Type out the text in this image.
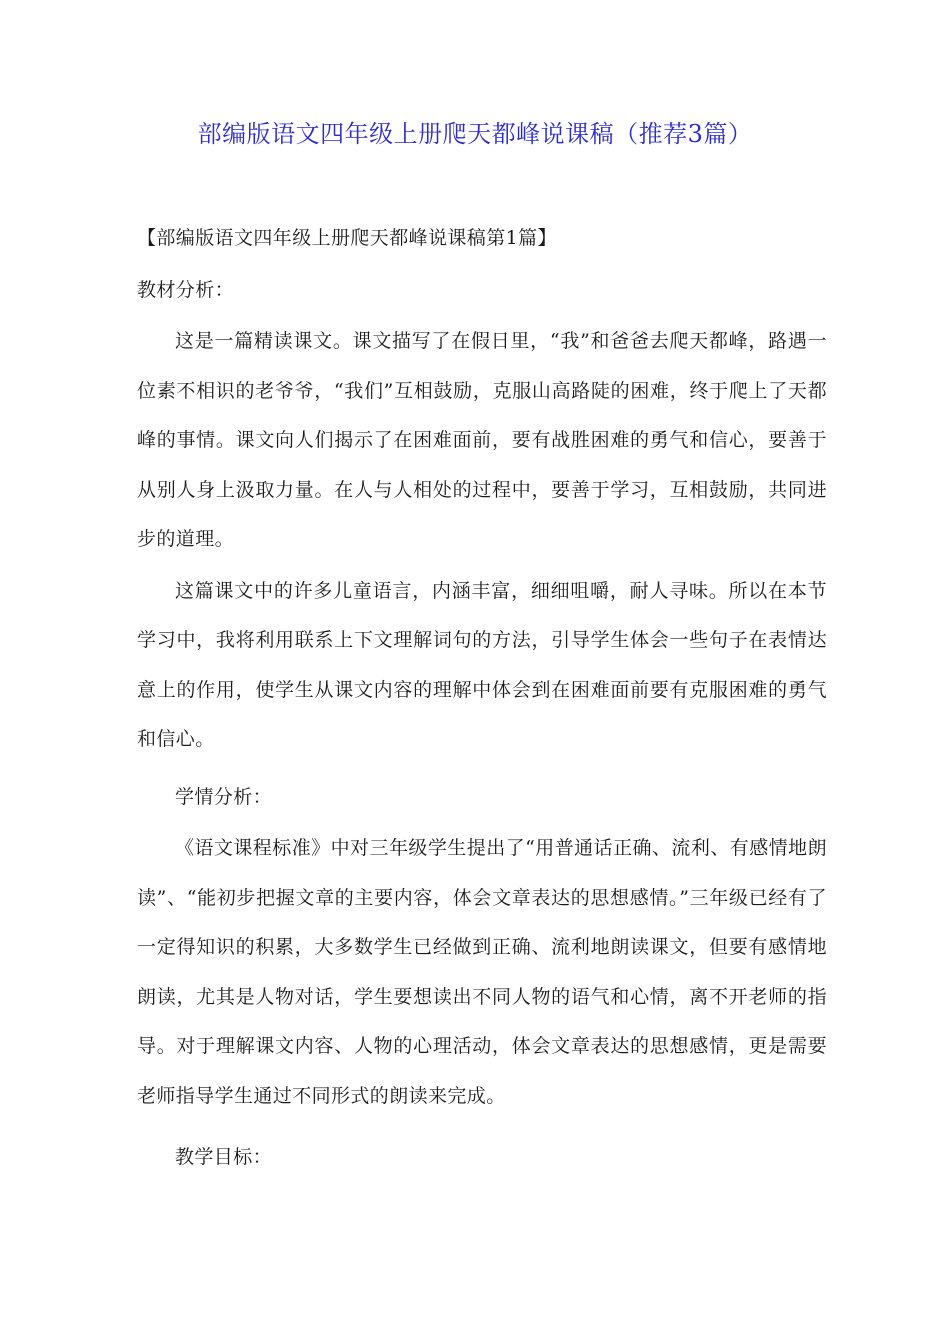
部编版语文四年级上册爬天都峰说课稿（推荐3篇）

【部编版语文四年级上册爬天都峰说课稿第1篇】

教材分析：

这是一篇精读课文。课文描写了在假日里，“我”和爸爸去爬天都峰，路遇一位素不相识的老爷爷，“我们”互相鼓励，克服山高路陡的困难，终于爬上了天都峰的事情。课文向人们揭示了在困难面前，要有战胜困难的勇气和信心，要善于从别人身上汲取力量。在人与人相处的过程中，要善于学习，互相鼓励，共同进步的道理。

这篇课文中的许多儿童语言，内涵丰富，细细咀嚼，耐人寻味。所以在本节学习中，我将利用联系上下文理解词句的方法，引导学生体会一些句子在表情达意上的作用，使学生从课文内容的理解中体会到在困难面前要有克服困难的勇气和信心。

学情分析：

《语文课程标准》中对三年级学生提出了“用普通话正确、流利、有感情地朗读”、“能初步把握文章的主要内容，体会文章表达的思想感情。”三年级已经有了一定得知识的积累，大多数学生已经做到正确、流利地朗读课文，但要有感情地朗读，尤其是人物对话，学生要想读出不同人物的语气和心情，离不开老师的指导。对于理解课文内容、人物的心理活动，体会文章表达的思想感情，更是需要老师指导学生通过不同形式的朗读来完成。

教学目标：
